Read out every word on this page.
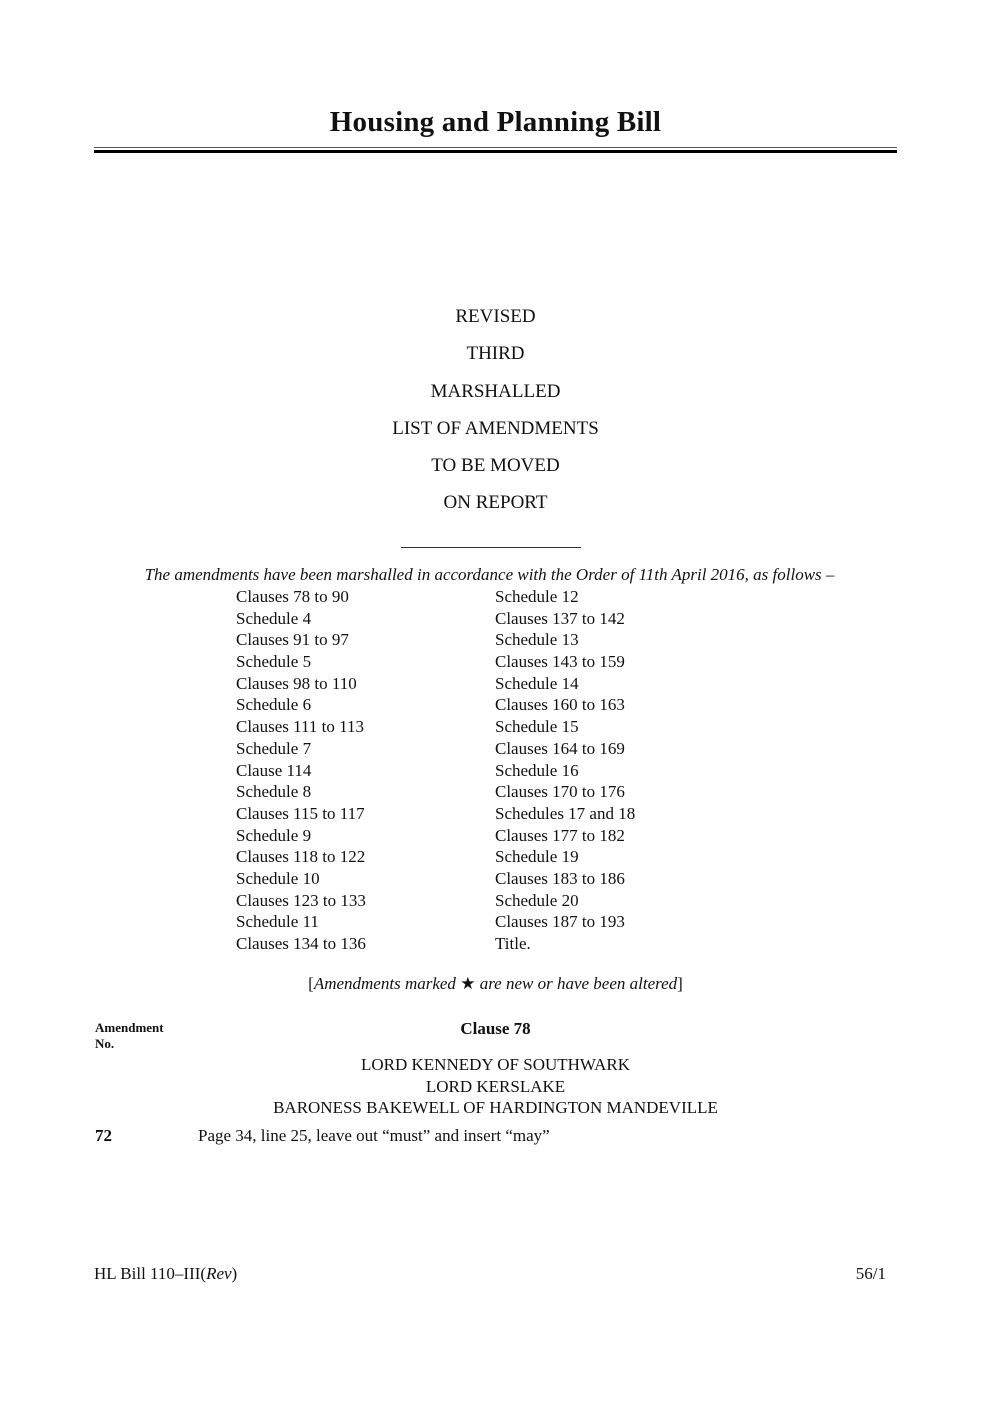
Housing and Planning Bill
REVISED
THIRD
MARSHALLED
LIST OF AMENDMENTS
TO BE MOVED
ON REPORT
The amendments have been marshalled in accordance with the Order of 11th April 2016, as follows –
Clauses 78 to 90
Schedule 4
Clauses 91 to 97
Schedule 5
Clauses 98 to 110
Schedule 6
Clauses 111 to 113
Schedule 7
Clause 114
Schedule 8
Clauses 115 to 117
Schedule 9
Clauses 118 to 122
Schedule 10
Clauses 123 to 133
Schedule 11
Clauses 134 to 136
Schedule 12
Clauses 137 to 142
Schedule 13
Clauses 143 to 159
Schedule 14
Clauses 160 to 163
Schedule 15
Clauses 164 to 169
Schedule 16
Clauses 170 to 176
Schedules 17 and 18
Clauses 177 to 182
Schedule 19
Clauses 183 to 186
Schedule 20
Clauses 187 to 193
Title.
[Amendments marked ★ are new or have been altered]
Amendment
No.
Clause 78
LORD KENNEDY OF SOUTHWARK
LORD KERSLAKE
BARONESS BAKEWELL OF HARDINGTON MANDEVILLE
72	Page 34, line 25, leave out “must” and insert “may”
HL Bill 110–III(Rev)	56/1
